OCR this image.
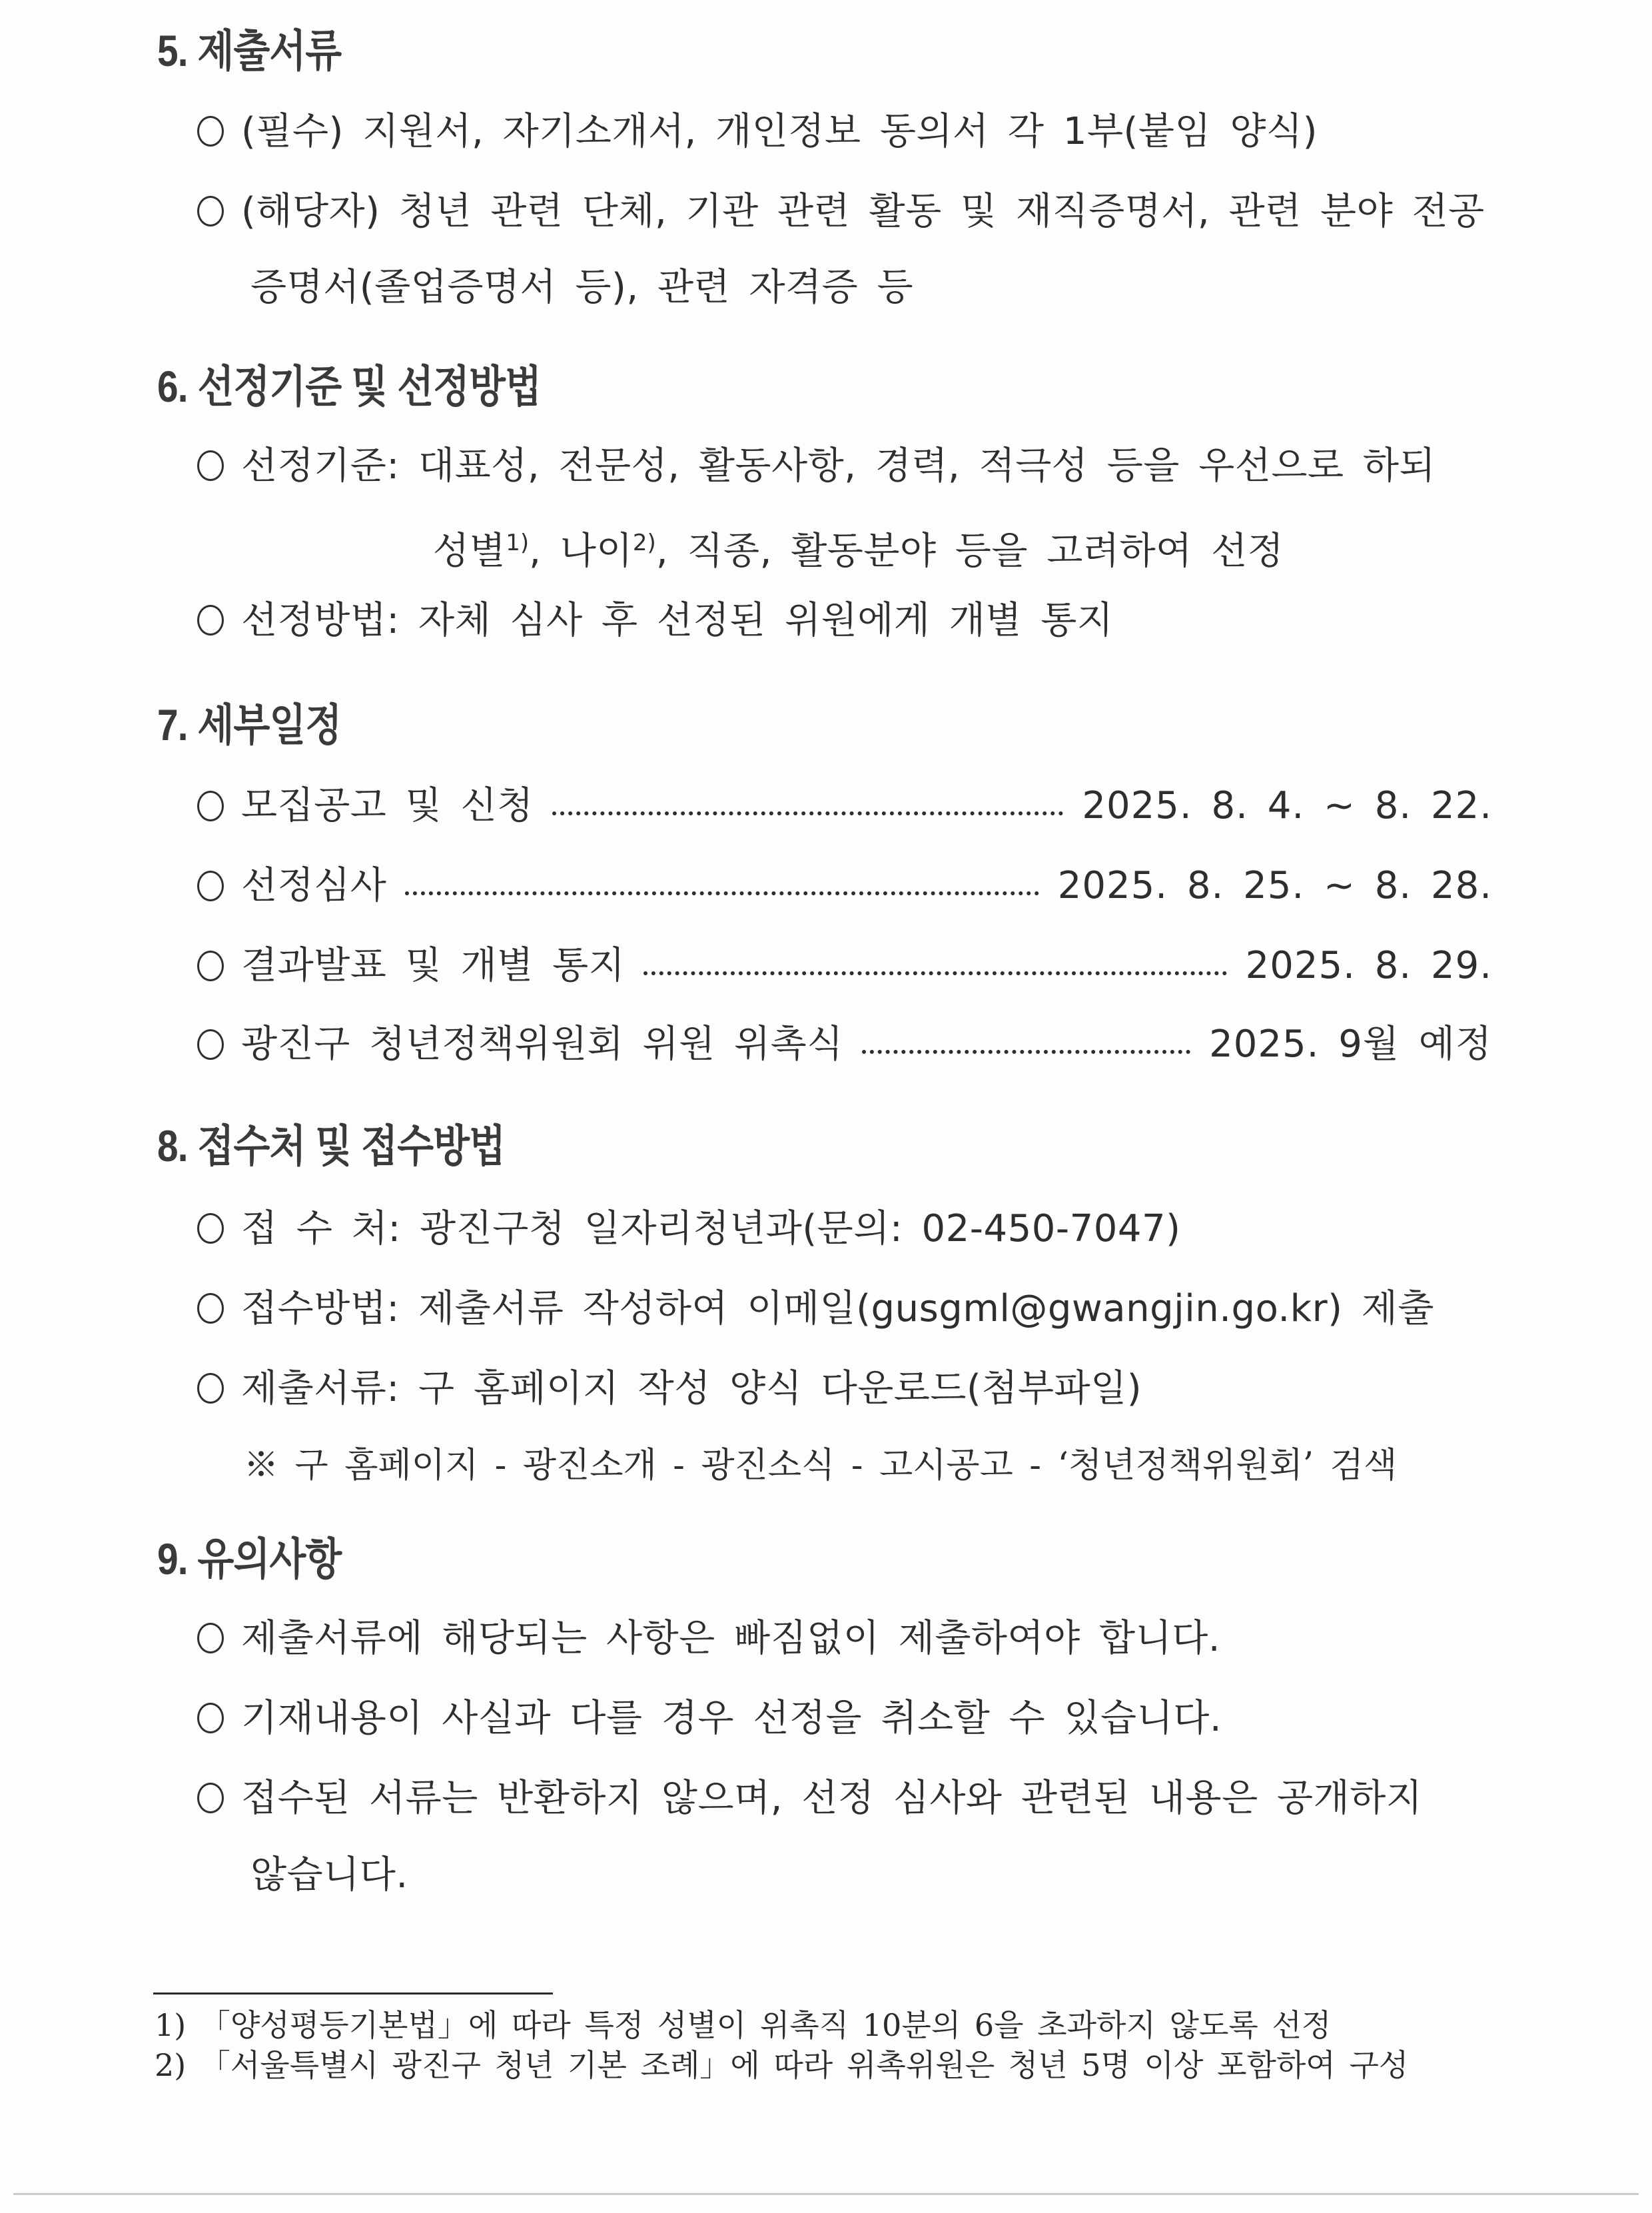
5. 제출서류
(필수) 지원서, 자기소개서, 개인정보 동의서 각 1부(붙임 양식)
(해당자) 청년 관련 단체, 기관 관련 활동 및 재직증명서, 관련 분야 전공
증명서(졸업증명서 등), 관련 자격증 등
6. 선정기준 및 선정방법
선정기준: 대표성, 전문성, 활동사항, 경력, 적극성 등을 우선으로 하되
성별$^{1)}$, 나이$^{2)}$, 직종, 활동분야 등을 고려하여 선정
선정방법: 자체 심사 후 선정된 위원에게 개별 통지
7. 세부일정
모집공고 및 신청	2025. 8. 4. ~ 8. 22.
선정심사	2025. 8. 25. ~ 8. 28.
결과발표 및 개별 통지	2025. 8. 29.
광진구 청년정책위원회 위원 위촉식	2025. 9월 예정
8. 접수처 및 접수방법
접 수 처: 광진구청 일자리청년과(문의: 02-450-7047)
접수방법: 제출서류 작성하여 이메일(gusgml@gwangjin.go.kr) 제출
제출서류: 구 홈페이지 작성 양식 다운로드(첨부파일)
※ 구 홈페이지 - 광진소개 - 광진소식 - 고시공고 - ‘청년정책위원회’ 검색
9. 유의사항
제출서류에 해당되는 사항은 빠짐없이 제출하여야 합니다.
기재내용이 사실과 다를 경우 선정을 취소할 수 있습니다.
접수된 서류는 반환하지 않으며, 선정 심사와 관련된 내용은 공개하지
않습니다.
1) 「양성평등기본법」에 따라 특정 성별이 위촉직 10분의 6을 초과하지 않도록 선정
2) 「서울특별시 광진구 청년 기본 조례」에 따라 위촉위원은 청년 5명 이상 포함하여 구성
